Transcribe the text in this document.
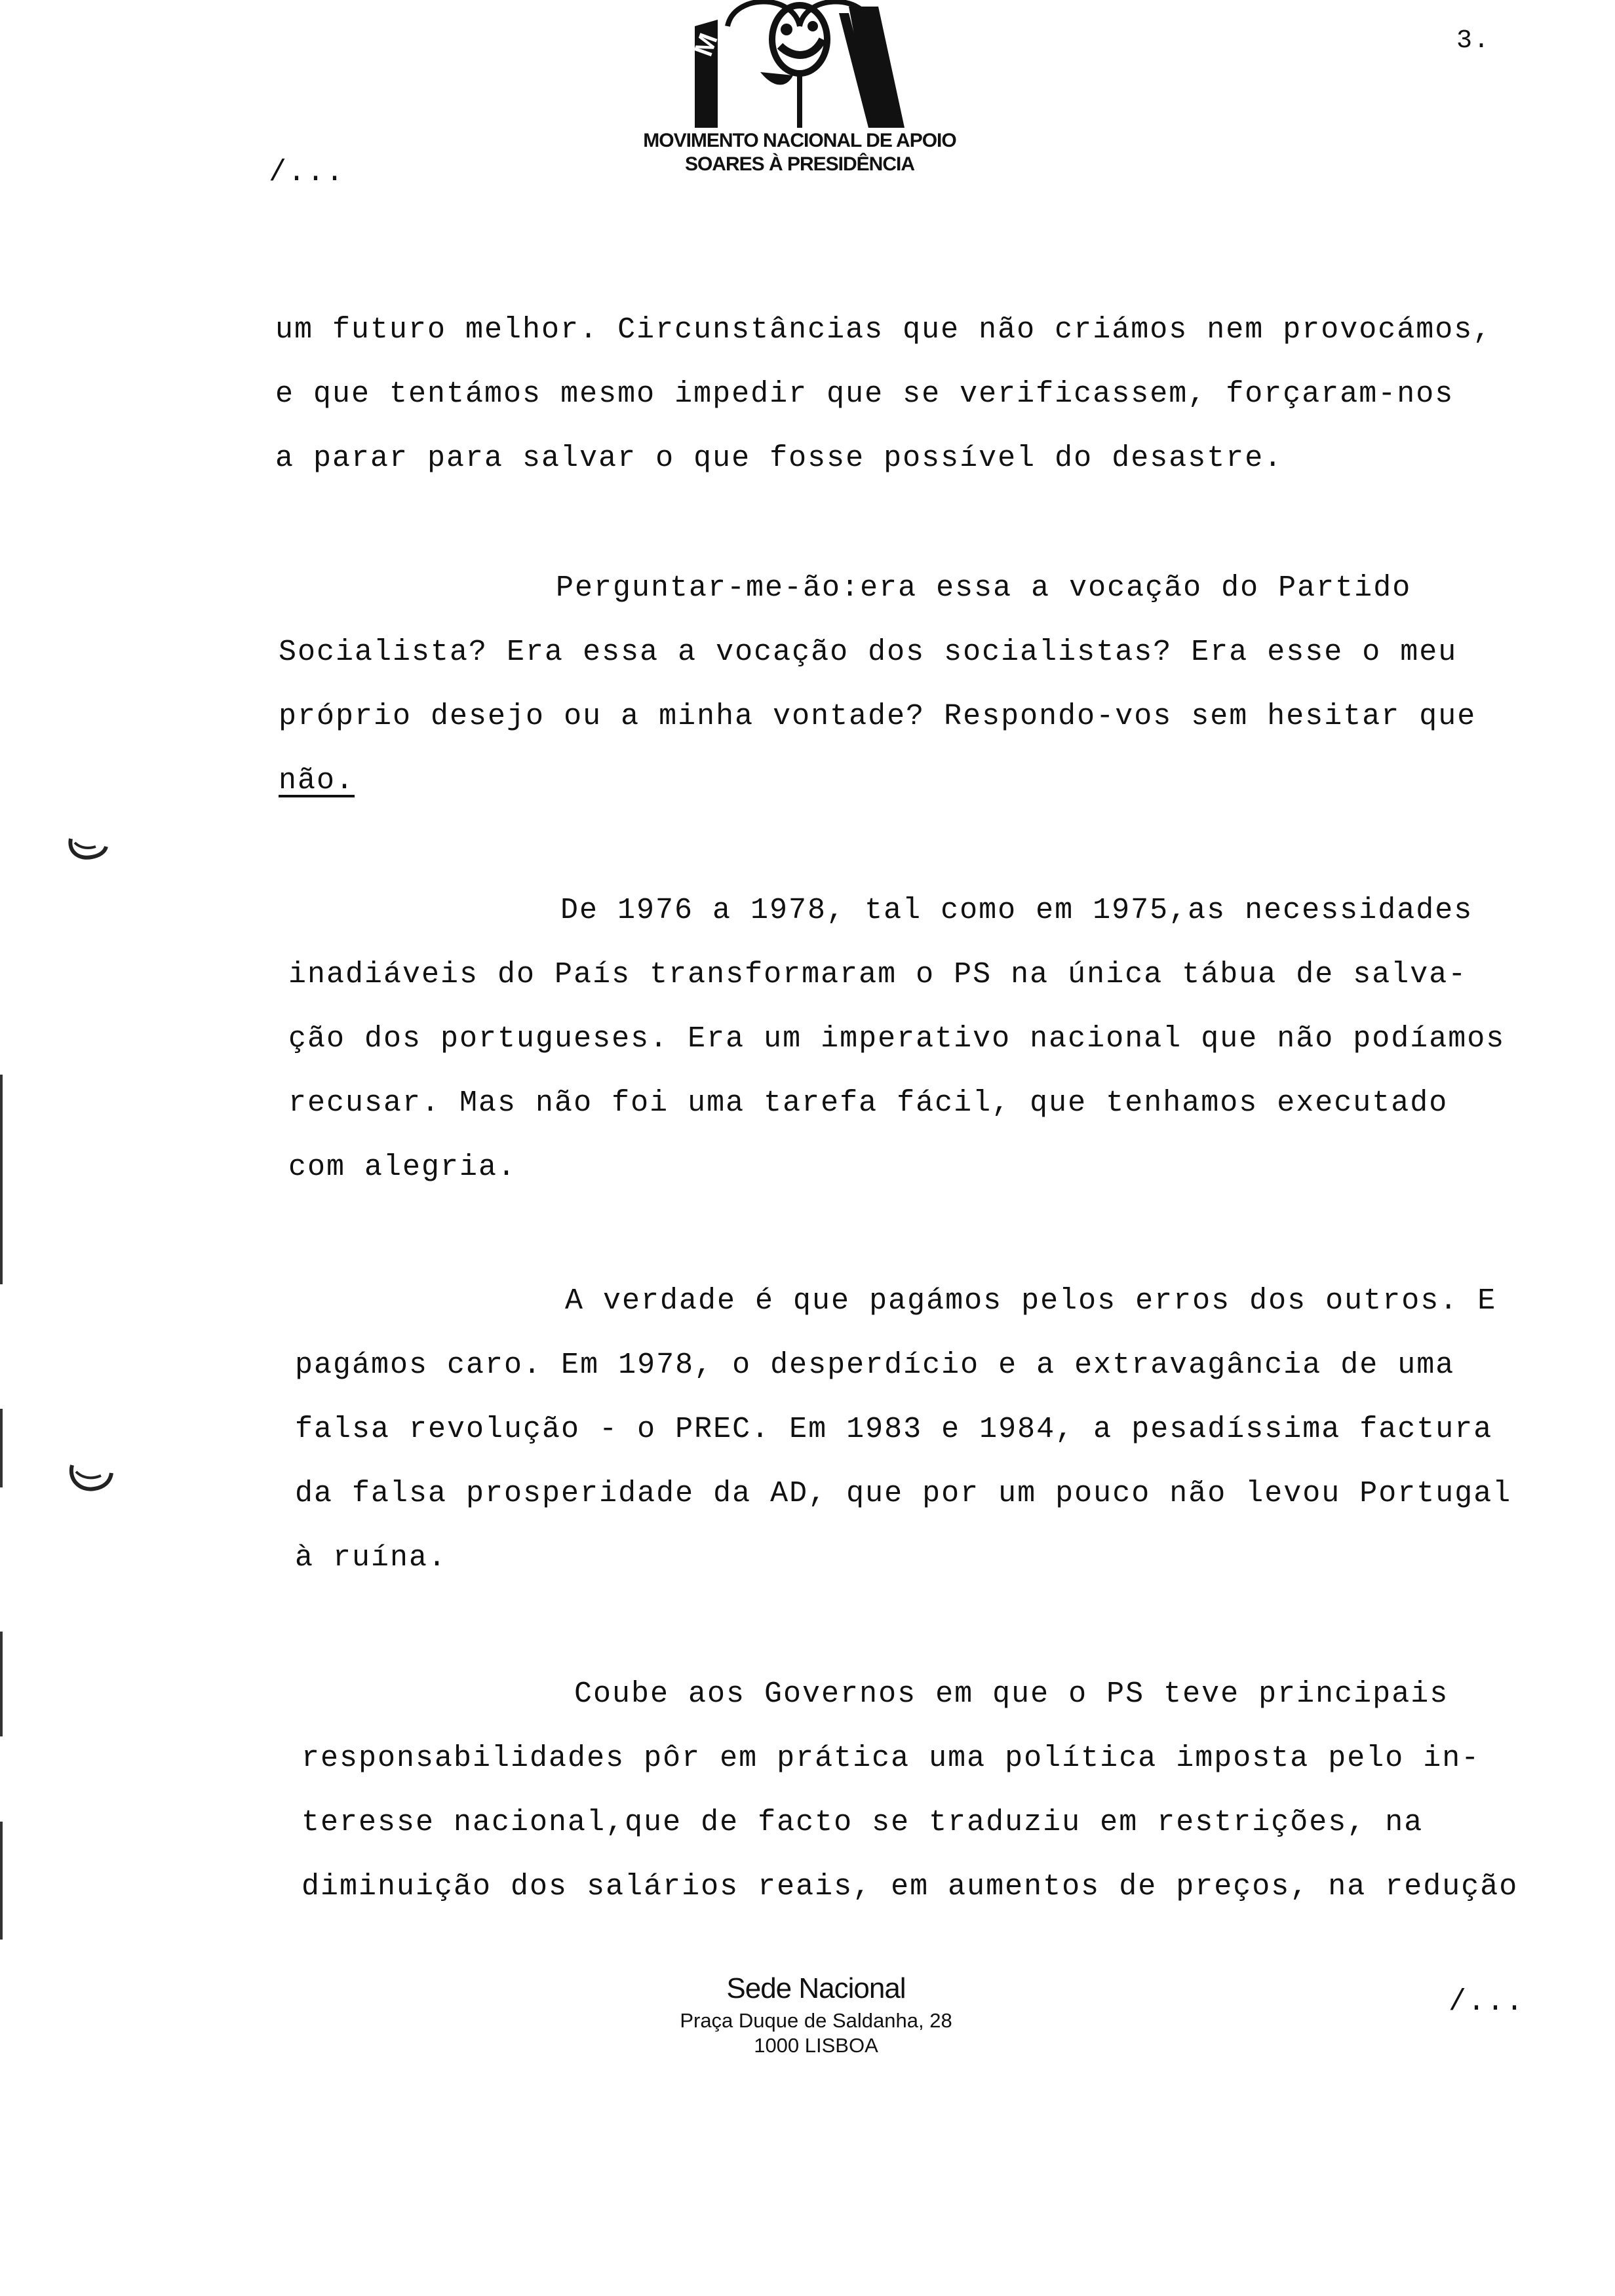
M
MOVIMENTO NACIONAL DE APOIO
SOARES À PRESIDÊNCIA
3.
/...
um futuro melhor. Circunstâncias que não criámos nem provocámos,
e que tentámos mesmo impedir que se verificassem, forçaram-nos
a parar para salvar o que fosse possível do desastre.
Perguntar-me-ão:era essa a vocação do Partido
Socialista? Era essa a vocação dos socialistas? Era esse o meu
próprio desejo ou a minha vontade? Respondo-vos sem hesitar que
não.
De 1976 a 1978, tal como em 1975,as necessidades
inadiáveis do País transformaram o PS na única tábua de salva-
ção dos portugueses. Era um imperativo nacional que não podíamos
recusar. Mas não foi uma tarefa fácil, que tenhamos executado
com alegria.
A verdade é que pagámos pelos erros dos outros. E
pagámos caro. Em 1978, o desperdício e a extravagância de uma
falsa revolução - o PREC. Em 1983 e 1984, a pesadíssima factura
da falsa prosperidade da AD, que por um pouco não levou Portugal
à ruína.
Coube aos Governos em que o PS teve principais
responsabilidades pôr em prática uma política imposta pelo in-
teresse nacional,que de facto se traduziu em restrições, na
diminuição dos salários reais, em aumentos de preços, na redução
Sede Nacional
Praça Duque de Saldanha, 28
1000 LISBOA
/...
